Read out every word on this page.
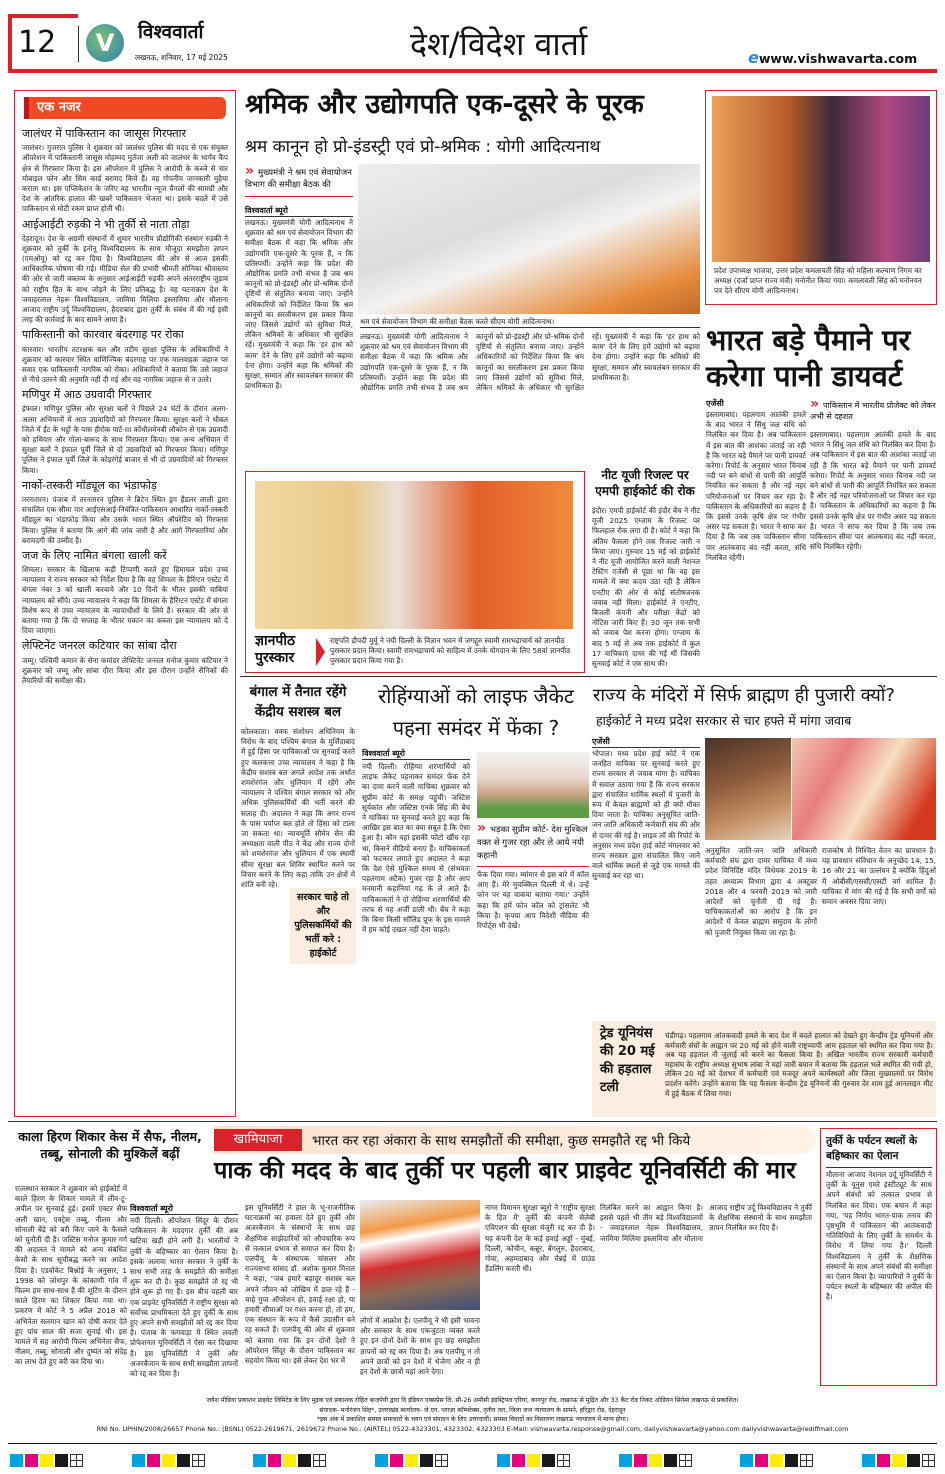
12	V	विश्ववार्ता
लखनऊ, शनिवार, 17 मई 2025	देश/विदेश वार्ता	ewww.vishwavarta.com
एक नजर
जालंधर में पाकिस्तान का जासूस गिरफ्तार
जालंधर। गुजरात पुलिस ने शुक्रवार को जालंधर पुलिस की मदद से एक संयुक्त ऑपरेशन में पाकिस्तानी जासूस मोहम्मद मुर्तजा अली को जालंधर के भार्गव कैंप क्षेत्र से गिरफ्तार किया है। इस ऑपरेशन में पुलिस ने आरोपी के कब्जे से चार मोबाइल फोन और सिम कार्ड बरामद किये हैं। वह गोपनीय जानकारी मुहैया कराता था। इस एप्लिकेशन के जरिए वह भारतीय न्यूज चैनलों की सामग्री और देश के आंतरिक हालात की खबरें पाकिस्तान भेजता था। इसके बदले में उसे पाकिस्तान से मोटी रकम प्राप्त होती थी।
आईआईटी रुड़की ने भी तुर्की से नाता तोड़ा
देहरादून। देश के अग्रणी संस्थानों में शुमार भारतीय प्रौद्योगिकी संस्थान रुड़की ने शुक्रवार को तुर्की के इनोनू विश्वविद्यालय के साथ मौजूदा समझौता ज्ञापन (एमओयू) को रद्द कर दिया है। विश्वविद्यालय की ओर से आज इसकी आधिकारिक घोषणा की गई। मीडिया सेल की प्रभारी श्रीमती सोनिका श्रीवास्तव की ओर से जारी वक्तव्य के अनुसार आईआईटी रुड़की अपने अंतरराष्ट्रीय जुड़ाव को राष्ट्रीय हित के साथ जोड़ने के लिए प्रतिबद्ध है। यह घटनाक्रम देश के जवाहरलाल नेहरू विश्वविद्यालय, जामिया मिलिया इस्लामिया और मौलाना आजाद राष्ट्रीय उर्दू विश्वविद्यालय, हैदराबाद द्वारा तुर्की के संबंध में की गई इसी तरह की कार्रवाई के बाद सामने आया है।
पाकिस्तानी को कारवार बंदरगाह पर रोका
कारवार। भारतीय तटरक्षक बल और तटीय सुरक्षा पुलिस के अधिकारियों ने शुक्रवार को कारवार स्थित वाणिज्यिक बंदरगाह पर एक मालवाहक जहाज पर सवार एक पाकिस्तानी नागरिक को रोका। अधिकारियों ने बताया कि उसे जहाज से नीचे उतरने की अनुमति नहीं दी गई और वह नागरिक जहाज से न उतरे।
मणिपुर में आठ उग्रवादी गिरफ्तार
इंफाल। मणिपुर पुलिस और सुरक्षा बलों ने पिछले 24 घंटों के दौरान अलग-अलग अभियानों में आठ उग्रवादियों को गिरफ्तार किया। सुरक्षा बलों ने थौबल जिले में ईंट के भट्ठों के पास हीरोक पार्ट-III कोंथौलमेनबी लौकोन से एक उग्रवादी को हथियार और गोला-बारूद के साथ गिरफ्तार किया। एक अन्य अभियान में सुरक्षा बलों ने इंफाल पूर्वी जिले से दो उग्रवादियों को गिरफ्तार किया। मणिपुर पुलिस ने इंफाल पूर्वी जिले के कोइरंगेई बाजार से भी दो उग्रवादियों को गिरफ्तार किया।
नार्को-तस्करी मॉड्यूल का भंडाफोड़
तरनतारन। पंजाब में तरनतारन पुलिस ने ब्रिटेन स्थित ड्रग हैंडलर लाली द्वारा संचालित एक सीमा पार आईएसआई-नियंत्रित-पाकिस्तान आधारित नार्को-तस्करी मॉड्यूल का भंडाफोड़ किया और उसके भारत स्थित ऑपरेटिव को गिरफ्तार किया। पुलिस ने बताया कि आगे की जांच जारी है और आगे गिरफ्तारियां और बरामदगी की उम्मीद है।
जज के लिए नामित बंगला खाली करें
शिमला। सरकार के खिलाफ कड़ी टिप्पणी करते हुए हिमाचल प्रदेश उच्च न्यायालय ने राज्य सरकार को निर्देश दिया है कि वह शिमला के हैरिंग्टन एस्टेट में बंगला नंबर 3 को खाली करवाये और 10 दिनों के भीतर इसकी चाबियां न्यायालय को सौंपे। उच्च न्यायालय ने कहा कि शिमला के हैरिंग्टन एस्टेट में बंगला विशेष रूप से उच्च न्यायालय के न्यायाधीशों के लिये हैं। सरकार की ओर से बताया गया है कि दो सप्ताह के भीतर मकान का कब्जा इस न्यायालय को दे दिया जाएगा।
लेफ्टिनेंट जनरल कटियार का सांबा दौरा
जम्मू। पश्चिमी कमान के सेना कमांडर लेफ्टिनेंट जनरल मनोज कुमार कटियार ने शुक्रवार को जम्मू और सांबा दौरा किया और इस दौरान उन्होंने सैनिकों की तैयारियों की समीक्षा की।
श्रमिक और उद्योगपति एक-दूसरे के पूरक
श्रम कानून हो प्रो-इंडस्ट्री एवं प्रो-श्रमिक : योगी आदित्यनाथ
» मुख्यमंत्री ने श्रम एवं सेवायोजन विभाग की समीक्षा बैठक की
विश्ववार्ता ब्यूरो
लखनऊ। मुख्यमंत्री योगी आदित्यनाथ ने शुक्रवार को श्रम एवं सेवायोजन विभाग की समीक्षा बैठक में कहा कि श्रमिक और उद्योगपति एक-दूसरे के पूरक हैं, न कि प्रतिस्पर्धी। उन्होंने कहा कि प्रदेश की औद्योगिक प्रगति तभी संभव है जब श्रम कानूनों को प्रो-इंडस्ट्री और प्रो-श्रमिक दोनों दृष्टियों से संतुलित बनाया जाए। उन्होंने अधिकारियों को निर्देशित किया कि श्रम कानूनों का सरलीकरण इस प्रकार किया जाए जिससे उद्योगों को सुविधा मिले, लेकिन श्रमिकों के अधिकार भी सुरक्षित रहें। मुख्यमंत्री ने कहा कि 'हर हाथ को काम' देने के लिए हमें उद्योगों को बढ़ावा देना होगा। उन्होंने कहा कि श्रमिकों की सुरक्षा, सम्मान और स्वावलंबन सरकार की प्राथमिकता है।
श्रम एवं सेवायोजन विभाग की समीक्षा बैठक करते सीएम योगी आदित्यनाथ।
लखनऊ। मुख्यमंत्री योगी आदित्यनाथ ने शुक्रवार को श्रम एवं सेवायोजन विभाग की समीक्षा बैठक में कहा कि श्रमिक और उद्योगपति एक-दूसरे के पूरक हैं, न कि प्रतिस्पर्धी। उन्होंने कहा कि प्रदेश की औद्योगिक प्रगति तभी संभव है जब श्रम कानूनों को प्रो-इंडस्ट्री और प्रो-श्रमिक दोनों दृष्टियों से संतुलित बनाया जाए। उन्होंने अधिकारियों को निर्देशित किया कि श्रम कानूनों का सरलीकरण इस प्रकार किया जाए जिससे उद्योगों को सुविधा मिले, लेकिन श्रमिकों के अधिकार भी सुरक्षित रहें। मुख्यमंत्री ने कहा कि 'हर हाथ को काम' देने के लिए हमें उद्योगों को बढ़ावा देना होगा। उन्होंने कहा कि श्रमिकों की सुरक्षा, सम्मान और स्वावलंबन सरकार की प्राथमिकता है।
प्रदेश उपाध्यक्ष भाजपा, उत्तर प्रदेश कमलावती सिंह को महिला कल्याण निगम का अध्यक्ष (दर्जा प्राप्त राज्य मंत्री) मनोनीत किया गया। कमलावती सिंह को मनोनयन पत्र देते सीएम योगी आदित्यनाथ।
भारत बड़े पैमाने पर करेगा पानी डायवर्ट
एजेंसी	» पाकिस्तान में भारतीय प्रोजेक्ट को लेकर अभी से दहशत
इस्लामाबाद। पहलगाम आतंकी हमले के बाद भारत ने सिंधु जल संधि को निलंबित कर दिया है। अब पाकिस्तान में इस बात की आशंका जताई जा रही है कि भारत बड़े पैमाने पर पानी डायवर्ट करेगा। रिपोर्ट के अनुसार भारत चिनाब नदी पर बने बांधों से पानी की आपूर्ति नियंत्रित कर सकता है और नई नहर परियोजनाओं पर विचार कर रहा है। पाकिस्तान के अधिकारियों का कहना है कि इससे उनके कृषि क्षेत्र पर गंभीर असर पड़ सकता है। भारत ने साफ कर दिया है कि जब तक पाकिस्तान सीमा पार आतंकवाद बंद नहीं करता, संधि निलंबित रहेगी।
इस्लामाबाद। पहलगाम आतंकी हमले के बाद भारत ने सिंधु जल संधि को निलंबित कर दिया है। अब पाकिस्तान में इस बात की आशंका जताई जा रही है कि भारत बड़े पैमाने पर पानी डायवर्ट करेगा। रिपोर्ट के अनुसार भारत चिनाब नदी पर बने बांधों से पानी की आपूर्ति नियंत्रित कर सकता है और नई नहर परियोजनाओं पर विचार कर रहा है। पाकिस्तान के अधिकारियों का कहना है कि इससे उनके कृषि क्षेत्र पर गंभीर असर पड़ सकता है। भारत ने साफ कर दिया है कि जब तक पाकिस्तान सीमा पार आतंकवाद बंद नहीं करता, संधि निलंबित रहेगी।
ज्ञानपीठ पुरस्कार
राष्ट्रपति द्रौपदी मुर्मू ने नयी दिल्ली के विज्ञान भवन में जगद्गुरु स्वामी रामभद्राचार्य को ज्ञानपीठ पुरस्कार प्रदान किया। स्वामी रामभद्राचार्य को साहित्य में उनके योगदान के लिए 58वां ज्ञानपीठ पुरस्कार प्रदान किया गया है।
नीट यूजी रिजल्ट पर एमपी हाईकोर्ट की रोक
इंदौर। एमपी हाईकोर्ट की इंदौर बेंच ने नीट यूजी 2025 एग्जाम के रिजल्ट पर फिलहाल रोक लगा दी है। कोर्ट ने कहा कि अंतिम फैसला होने तक रिजल्ट जारी न किया जाए। गुरुवार 15 मई को हाईकोर्ट ने नीट यूजी आयोजित करने वाली नेशनल टेस्टिंग एजेंसी से पूछा था कि वह इस मामले में क्या कदम उठा रही है लेकिन एनटीए की ओर से कोई संतोषजनक जवाब नहीं मिला। हाईकोर्ट ने एनटीए, बिजली कंपनी और परीक्षा केंद्रों को नोटिस जारी किए हैं। 30 जून तक सभी को जवाब पेश करना होगा। एग्जाम के बाद 5 मई से अब तक हाईकोर्ट में कुल 17 याचिकाएं दायर की गई थीं जिसकी सुनवाई कोर्ट ने एक साथ की।
बंगाल में तैनात रहेंगे केंद्रीय सशस्त्र बल
कोलकाता। वक्फ संशोधन अधिनियम के विरोध के बाद पश्चिम बंगाल के मुर्शिदाबाद में हुई हिंसा पर याचिकाओं पर सुनवाई करते हुए कलकत्ता उच्च न्यायालय ने कहा है कि केंद्रीय सशस्त्र बल अगले आदेश तक अर्थात शमशेरगंज और धुलियान में रहेंगे और न्यायालय ने पश्चिम बंगाल सरकार को और अधिक पुलिसकर्मियों की भर्ती करने की सलाह दी। अदालत ने कहा कि अगर राज्य के पास पर्याप्त बल होते तो हिंसा को टाला जा सकता था। न्यायमूर्ति सौमेन सेन की अध्यक्षता वाली पीठ ने केंद्र और राज्य दोनों को शमशेरगंज और धुलियान में एक स्थायी सीमा सुरक्षा बल शिविर स्थापित करने पर विचार करने के लिए कहा ताकि उन क्षेत्रों में शांति बनी रहे।
सरकार चाहे तो और पुलिसकर्मियों की भर्ती करे : हाईकोर्ट
रोहिंग्याओं को लाइफ जैकेट पहना समंदर में फेंका ?
विश्ववार्ता ब्यूरो
नयी दिल्ली। रोहिंग्या शरणार्थियों को लाइफ जैकेट पहनाकर समंदर फेंक देने का दावा करने वाली याचिका शुक्रवार को सुप्रीम कोर्ट के समक्ष पहुंची। जस्टिस सूर्यकांत और जस्टिस एनके सिंह की बेंच ने याचिका पर सुनवाई करते हुए कहा कि आखिर इस बात का क्या सबूत है कि ऐसा हुआ है। कौन वहां इसकी फोटो खींच रहा था, किसने वीडियो बनाए हैं। याचिकाकर्ता को फटकार लगाते हुए अदालत ने कहा कि देश ऐसे मुश्किल समय से (संभवतः पहलगाम अटैक) गुजर रहा है और आप मनमानी कहानियां गढ़ के ले आते हैं। याचिकाकर्ता ने दो रोहिंग्या शरणार्थियों की तरफ से यह अर्जी डाली थी। बेंच ने कहा कि बिना किसी सॉलिड प्रूफ के इस मामले में हम कोई दखल नहीं देना चाहते।
» भड़का सुप्रीम कोर्ट- देश मुश्किल वक्त से गुजर रहा और ले आये नयी कहानी
फेंक दिया गया। म्यांमार से इस बारे में कॉल आए हैं। मेरे मुवक्किल दिल्ली में थे। उन्हें फोन पर यह वाकया बताया गया।' उन्होंने कहा कि हमें फोन कॉल को ट्रांसलेट भी किया है। कृपया आप विदेशी मीडिया की रिपोर्ट्स भी देखें।
राज्य के मंदिरों में सिर्फ ब्राह्मण ही पुजारी क्यों?
हाईकोर्ट ने मध्य प्रदेश सरकार से चार हफ्ते में मांगा जवाब
एजेंसी
भोपाल। मध्य प्रदेश हाई कोर्ट ने एक जनहित याचिका पर सुनवाई करते हुए राज्य सरकार से जवाब मांगा है। याचिका में सवाल उठाया गया है कि राज्य सरकार द्वारा संचालित धार्मिक स्थलों में पुजारी के रूप में केवल ब्राह्मणों को ही क्यों मौका दिया जाता है। याचिका अनुसूचित जाति-जन जाति अधिकारी कर्मचारी संघ की ओर से दायर की गई है। लाइव लॉ की रिपोर्ट के अनुसार मध्य प्रदेश हाई कोर्ट मंगलवार को राज्य सरकार द्वारा संचालित किए जाने वाले धार्मिक स्थलों से जुड़े एक मामले की सुनवाई कर रहा था।
अनुसूचित जाति-जन जाति अधिकारी कर्मचारी संघ द्वारा दायर याचिका में मध्य प्रदेश विनिर्दिष्ट मंदिर विधेयक 2019 के तहत अध्यात्म विभाग द्वारा 4 अक्टूबर 2018 और 4 फरवरी 2019 को जारी आदेशों को चुनौती दी गई है। याचिकाकर्ताओं का आरोप है कि इन आदेशों में केवल ब्राह्मण समुदाय के लोगों को पुजारी नियुक्त किया जा रहा है।
राजकोष से निश्चित वेतन का प्रावधान है। यह प्रावधान संविधान के अनुच्छेद 14, 15, 16 और 21 का उल्लंघन है क्योंकि हिंदुओं में ओबीसी/एससी/एसटी वर्ग शामिल हैं। याचिका में मांग की गई है कि सभी वर्गों को समान अवसर दिया जाए।
ट्रेड यूनियंस की 20 मई की हड़ताल टली
चंडीगढ़। पहलगाम आंतकवादी हमले के बाद देश में बदले हालात को देखते हुए केन्द्रीय ट्रेड यूनियनों और कर्मचारी संघों के आह्वान पर 20 मई को होने वाली राष्ट्रव्यापी आम हड़ताल को स्थगित कर दिया गया है। अब यह हड़ताल नौ जुलाई को करने का फैसला किया है। अखिल भारतीय राज्य सरकारी कर्मचारी महासंघ के राष्ट्रीय अध्यक्ष सुभाष लांबा ने यहां जारी बयान में बताया कि हड़ताल भले स्थगित की गयी हो, लेकिन 20 मई को देशभर में कर्मचारी एवं मजदूर अपने कार्यस्थलों और जिला मुख्यालयों पर विरोध प्रदर्शन करेंगे। उन्होंने बताया कि यह फैसला केन्द्रीय ट्रेड यूनियनों की गुरुवार देर शाम हुई आनलाइन मीट में हुई बैठक में लिया गया।
काला हिरण शिकार केस में सैफ, नीलम, तब्बू, सोनाली की मुश्किलें बढ़ीं
राजस्थान सरकार ने शुक्रवार को हाईकोर्ट में काले हिरण के शिकार मामले में लीव-टू-अपील पर सुनवाई हुई। इसमें एक्टर सैफ अली खान, एक्ट्रेस तब्बू, नीलम और सोनाली बेंद्रे को बरी किए जाने के फैसले को चुनौती दी है। जस्टिस मनोज कुमार गर्ग की अदालत ने मामले को अन्य संबंधित केसों के साथ सूचीबद्ध करने का आदेश दिया है। एडवोकेट बिश्नोई के अनुसार, 1 1998 को जोधपुर के कांकाणी गांव में फिल्म हम साथ-साथ हैं की शूटिंग के दौरान काले हिरण का शिकार किया गया था। प्रकरण में कोर्ट ने 5 अप्रैल 2018 को अभिनेता सलमान खान को दोषी करार देते हुए पांच साल की सजा सुनाई थी। इस मामले में सह आरोपी फिल्म अभिनेता सैफ, नीलम, तब्बू, सोनाली और दुष्यंत को संदेह का लाभ देते हुए बरी कर दिया था।
खामियाजा	भारत कर रहा अंकारा के साथ समझौतों की समीक्षा, कुछ समझौते रद्द भी किये
पाक की मदद के बाद तुर्की पर पहली बार प्राइवेट यूनिवर्सिटी की मार
विश्ववार्ता ब्यूरो
नयी दिल्ली। ऑपरेशन सिंदूर के दौरान पाकिस्तान के मददगार तुर्की की अब खटिया खड़ी होने लगी है। भारतीयों ने तुर्की के बहिष्कार का ऐलान किया है। इसके अलावा भारत सरकार ने तुर्की के साथ सभी तरह के समझौते की समीक्षा शुरू कर दी है। कुछ समझौते तो रद्द भी होने शुरू हो गए हैं। इस बीच पहली बार एक प्राइवेट यूनिवर्सिटी ने राष्ट्रीय सुरक्षा को सर्वोच्च प्राथमिकता देते हुए तुर्की के साथ हुए अपने सभी समझौतों को रद्द कर दिया है। पंजाब के फगवाड़ा में स्थित लवली प्रोफेशनल यूनिवर्सिटी ने ऐसा कर दिखाया है। इस यूनिवर्सिटी ने तुर्की और अजरबैजान के साथ सभी समझौता ज्ञापनों को रद्द कर दिया है।
इस यूनिवर्सिटी ने हाल के भू-राजनीतिक घटनाक्रमों का हवाला देते हुए तुर्की और अजरबैजान के संस्थानों के साथ छह शैक्षणिक साझेदारियों को औपचारिक रूप से तत्काल प्रभाव से समाप्त कर दिया है। एलपीयू के संस्थापक चांसलर और राज्यसभा सांसद डॉ. अशोक कुमार मित्तल ने कहा, "जब हमारे बहादुर सशस्त्र बल अपने जीवन को जोखिम में डाल रहे हैं - चाहे गुप्त ऑपरेशन हो, हवाई रक्षा हो, या हमारी सीमाओं पर गश्त करना हो, तो हम, एक संस्थान के रूप में कैसे उदासीन बने रह सकते हैं। एलपीयू की ओर से शुक्रवार को बताया गया कि इन दोनों देशों ने ऑपरेशन सिंदूर के दौरान पाकिस्तान का सहयोग किया था। इसे लेकर देश भर में
लोगों में आक्रोश है। एलपीयू ने भी इसी भावना और सरकार के साथ एकजुटता व्यक्त करते हुए इन दोनों देशों के साथ हुए छह समझौता ज्ञापनों को रद्द कर दिया है। अब एलपीयू न तो अपने छात्रों को इन देशों में भेजेगा और न ही इन देशों के छात्रों यहां आने देगा।
नागर विमानन सुरक्षा ब्यूरो ने 'राष्ट्रीय सुरक्षा के हित में' तुर्की की कंपनी सेलेबी एविएशन की सुरक्षा मंजूरी रद्द कर दी है। यह कंपनी देश के कई हवाई अड्डों - मुंबई, दिल्ली, कोचीन, कन्नूर, बेंगलुरु, हैदराबाद, गोवा, अहमदाबाद और चेन्नई में ग्राउंड हैंडलिंग करती थी।
निलंबित करने का आह्वान किया है। इससे पहले भी तीन बड़े विश्वविद्यालयों - जवाहरलाल नेहरू विश्वविद्यालय, जामिया मिलिया इस्लामिया और मौलाना आजाद राष्ट्रीय उर्दू विश्वविद्यालय ने तुर्की के शैक्षणिक संस्थानों के साथ समझौता ज्ञापन निलंबित कर दिए हैं।
तुर्की के पर्यटन स्थलों के बहिष्कार का ऐलान
मौलाना आजाद नेशनल उर्दू यूनिवर्सिटी ने तुर्की के यूनुस एमरे इंस्टीट्यूट के साथ अपने संबंधों को तत्काल प्रभाव से निलंबित कर दिया। एक बयान में कहा गया, 'यह निर्णय भारत-पाक तनाव की पृष्ठभूमि में पाकिस्तान की आतंकवादी गतिविधियों के लिए तुर्की के समर्थन के विरोध में लिया गया है।' दिल्ली विश्वविद्यालय ने तुर्की के शैक्षणिक संस्थानों के साथ अपने संबंधों की समीक्षा का ऐलान किया है। व्यापारियों ने तुर्की के पर्यटन स्थलों के बहिष्कार की अपील की है।
जयेश मीडिया प्रकाशन प्राइवेट लिमिटेड के लिए मुद्रक एवं प्रकाशक रोहित बाजपेयी द्वारा दि इंडियन एक्सप्रेस लि. सी-26 अमौसी इंडस्ट्रियल एरिया, कानपुर रोड, लखनऊ से मुद्रित और 33 कैंट रोड निकट ओडियन सिनेमा लखनऊ से प्रकाशित।
संपादक- मनोरंजन सिंह*, उत्तराखंड कार्यालय- जे.एन. प्लाज़ा कॉम्प्लेक्स, तृतीय तल, जिला जज न्यायालय के सामने, हरिद्वार रोड, देहरादून
*इस अंक में प्रकाशित समस्त समाचारों के चयन एवं संपादन के लिए उत्तरदायी। समस्त विवादों का निस्तारण लखनऊ न्यायालय में मान्य होगा।
RNI No. UPHIN/2008/26657 Phone No.: (BSNL) 0522-2619671, 2619672 Phone No.: (AIRTEL) 0522-4323301, 4323302, 4323303 E-Mail: vishwavarta.response@gmail.com, dailyvishwavarta@yahoo.com dailyvishwavarta@rediffmail.com
